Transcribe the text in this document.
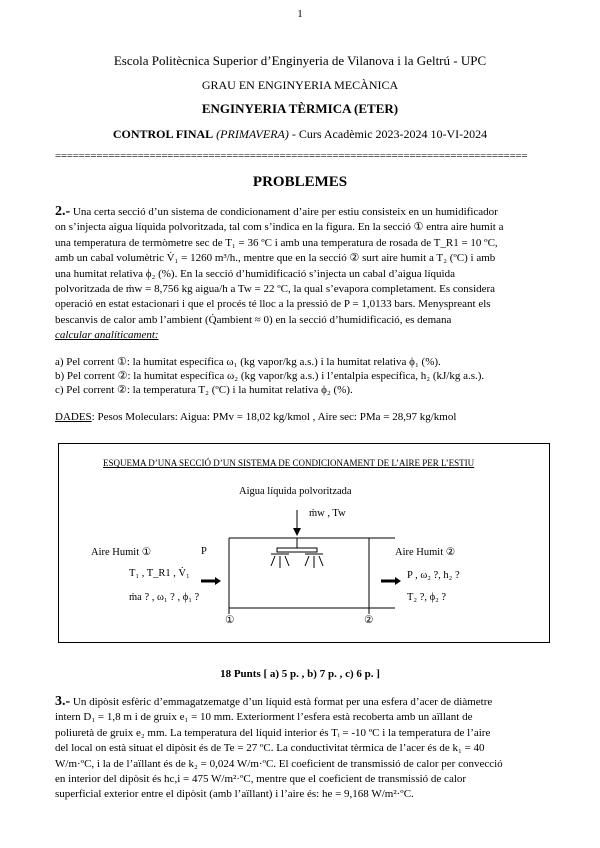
1
Escola Politècnica Superior d’Enginyeria de Vilanova i la Geltrú - UPC
GRAU EN ENGINYERIA MECÀNICA
ENGINYERIA TÈRMICA (ETER)
CONTROL FINAL (PRIMAVERA) - Curs Acadèmic 2023-2024 10-VI-2024
================================================================================
PROBLEMES
2.- Una certa secció d’un sistema de condicionament d’aire per estiu consisteix en un humidificador
on s’injecta aigua líquida polvoritzada, tal com s’indica en la figura. En la secció ① entra aire humit a
una temperatura de termòmetre sec de T₁ = 36 ºC i amb una temperatura de rosada de T_R1 = 10 ºC,
amb un cabal volumètric V̇₁ = 1260 m³/h., mentre que en la secció ② surt aire humit a T₂ (ºC) i amb
una humitat relativa ϕ₂ (%). En la secció d’humidificació s’injecta un cabal d’aigua líquida
polvoritzada de ṁw = 8,756 kg aigua/h a Tw = 22 ºC, la qual s’evapora completament. Es considera
operació en estat estacionari i que el procés té lloc a la pressió de P = 1,0133 bars. Menyspreant els
bescanvis de calor amb l’ambient (Q̇ambient ≈ 0) en la secció d’humidificació, es demana
calcular analíticament:
a) Pel corrent ①: la humitat específica ω₁ (kg vapor/kg a.s.) i la humitat relativa ϕ₁ (%).
b) Pel corrent ②: la humitat específica ω₂ (kg vapor/kg a.s.) i l’entalpia específica, h₂ (kJ/kg a.s.).
c) Pel corrent ②: la temperatura T₂ (ºC) i la humitat relativa ϕ₂ (%).
DADES: Pesos Moleculars: Aigua: PMv = 18,02 kg/kmol , Aire sec: PMa = 28,97 kg/kmol
ESQUEMA D’UNA SECCIÓ D’UN SISTEMA DE CONDICIONAMENT DE L’AIRE PER L’ESTIU
Aigua líquida polvoritzada
ṁw , Tw
Aire Humit ①	P
T₁ , T_R1 , V̇₁
ṁa ? , ω₁ ? , ϕ₁ ?
Aire Humit ②
P , ω₂ ?, h₂ ?
T₂ ?, ϕ₂ ?
①	②
18 Punts [ a) 5 p. , b) 7 p. , c) 6 p. ]
3.- Un dipòsit esfèric d’emmagatzematge d’un líquid està format per una esfera d’acer de diàmetre
intern D₁ = 1,8 m i de gruix e₁ = 10 mm. Exteriorment l’esfera està recoberta amb un aïllant de
poliuretà de gruix e₂ mm. La temperatura del líquid interior és Tᵢ = -10 ºC i la temperatura de l’aire
del local on està situat el dipòsit és de Te = 27 ºC. La conductivitat tèrmica de l’acer és de k₁ = 40
W/m·ºC, i la de l’aïllant és de k₂ = 0,024 W/m·ºC. El coeficient de transmissió de calor per convecció
en interior del dipòsit és hc,i = 475 W/m²·ºC, mentre que el coeficient de transmissió de calor
superficial exterior entre el dipòsit (amb l’aïllant) i l’aire és: he = 9,168 W/m²·ºC.
